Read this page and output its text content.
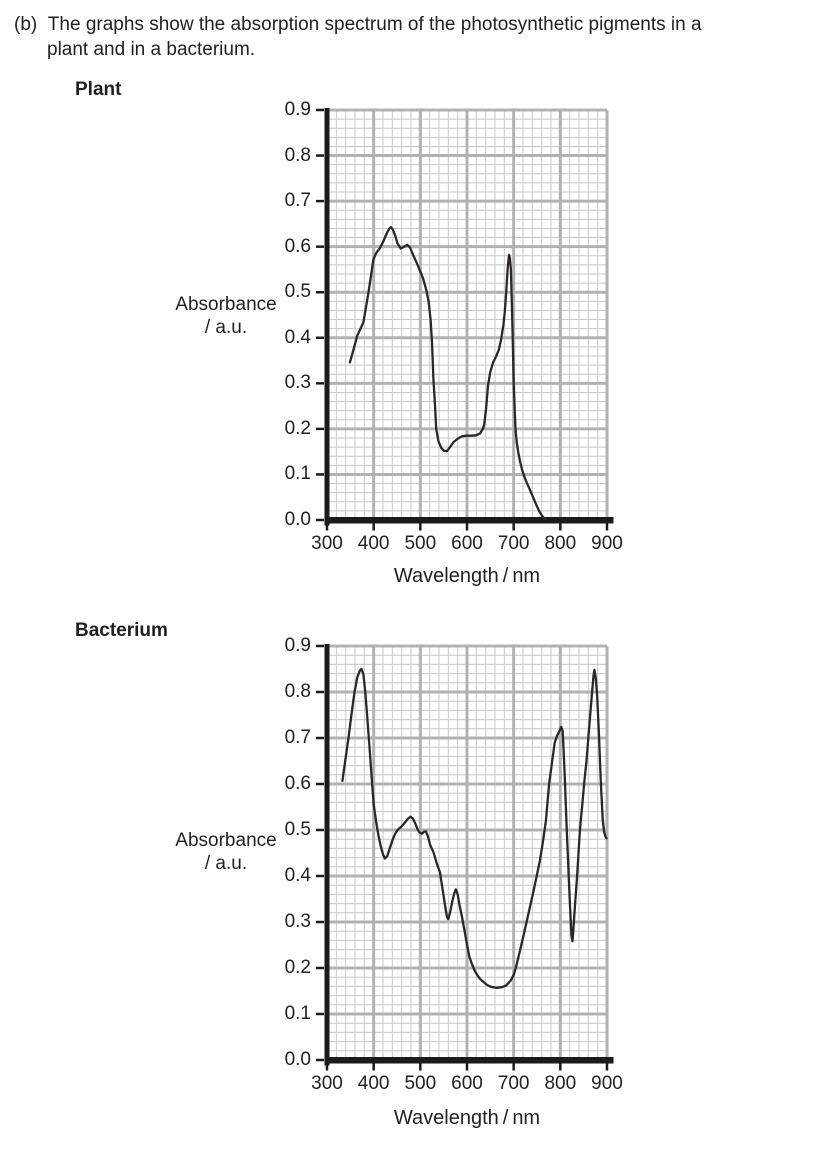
(b) The graphs show the absorption spectrum of the photosynthetic pigments in a
plant and in a bacterium.
Plant
Bacterium
Absorbance
/ a.u.
Absorbance
/ a.u.
Wavelength / nm
300 400 500 600 700 800 900
0.9
0.8
0.7
0.6
0.5
0.4
0.3
0.2
0.1
0.0
Wavelength / nm
300 400 500 600 700 800 900
0.9
0.8
0.7
0.6
0.5
0.4
0.3
0.2
0.1
0.0
